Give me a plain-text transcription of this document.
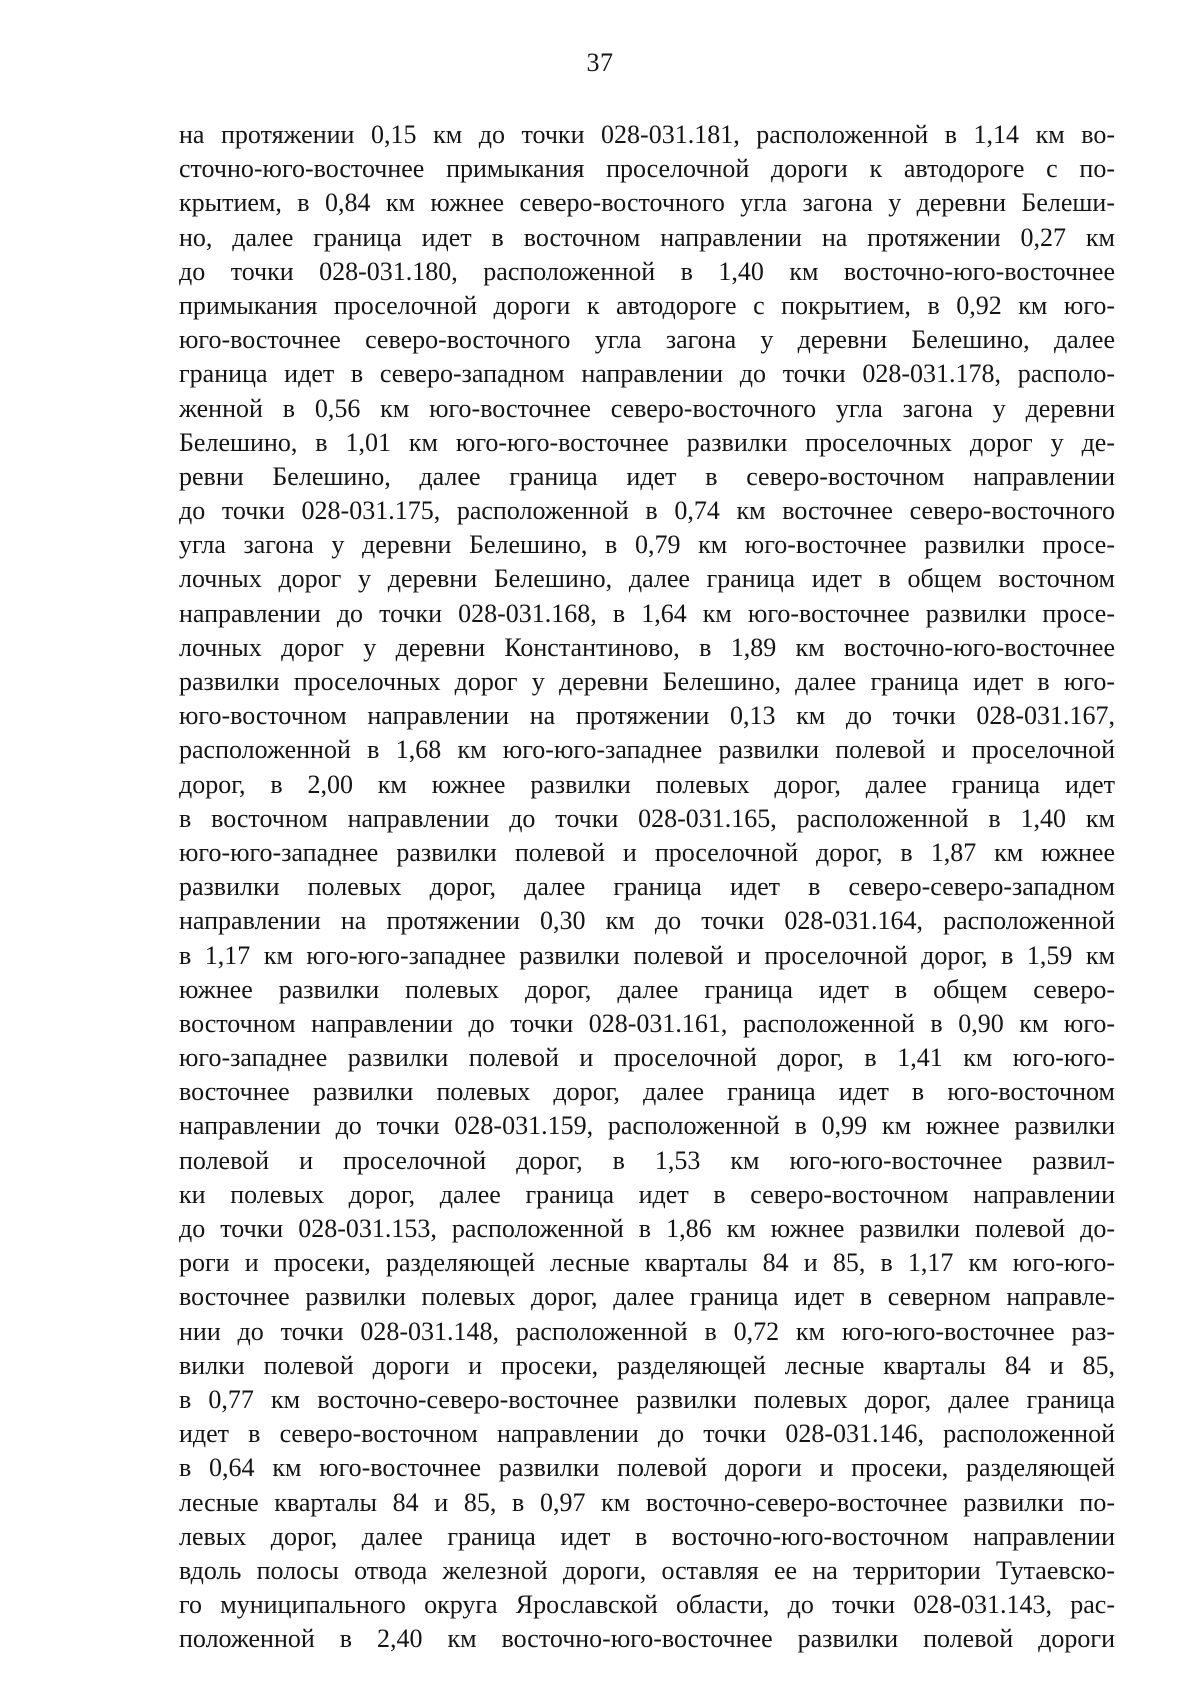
37
на протяжении 0,15 км до точки 028-031.181, расположенной в 1,14 км во-
сточно-юго-восточнее примыкания проселочной дороги к автодороге с по-
крытием, в 0,84 км южнее северо-восточного угла загона у деревни Белеши-
но, далее граница идет в восточном направлении на протяжении 0,27 км
до точки 028-031.180, расположенной в 1,40 км восточно-юго-восточнее
примыкания проселочной дороги к автодороге с покрытием, в 0,92 км юго-
юго-восточнее северо-восточного угла загона у деревни Белешино, далее
граница идет в северо-западном направлении до точки 028-031.178, располо-
женной в 0,56 км юго-восточнее северо-восточного угла загона у деревни
Белешино, в 1,01 км юго-юго-восточнее развилки проселочных дорог у де-
ревни Белешино, далее граница идет в северо-восточном направлении
до точки 028-031.175, расположенной в 0,74 км восточнее северо-восточного
угла загона у деревни Белешино, в 0,79 км юго-восточнее развилки просе-
лочных дорог у деревни Белешино, далее граница идет в общем восточном
направлении до точки 028-031.168, в 1,64 км юго-восточнее развилки просе-
лочных дорог у деревни Константиново, в 1,89 км восточно-юго-восточнее
развилки проселочных дорог у деревни Белешино, далее граница идет в юго-
юго-восточном направлении на протяжении 0,13 км до точки 028-031.167,
расположенной в 1,68 км юго-юго-западнее развилки полевой и проселочной
дорог, в 2,00 км южнее развилки полевых дорог, далее граница идет
в восточном направлении до точки 028-031.165, расположенной в 1,40 км
юго-юго-западнее развилки полевой и проселочной дорог, в 1,87 км южнее
развилки полевых дорог, далее граница идет в северо-северо-западном
направлении на протяжении 0,30 км до точки 028-031.164, расположенной
в 1,17 км юго-юго-западнее развилки полевой и проселочной дорог, в 1,59 км
южнее развилки полевых дорог, далее граница идет в общем северо-
восточном направлении до точки 028-031.161, расположенной в 0,90 км юго-
юго-западнее развилки полевой и проселочной дорог, в 1,41 км юго-юго-
восточнее развилки полевых дорог, далее граница идет в юго-восточном
направлении до точки 028-031.159, расположенной в 0,99 км южнее развилки
полевой и проселочной дорог, в 1,53 км юго-юго-восточнее развил-
ки полевых дорог, далее граница идет в северо-восточном направлении
до точки 028-031.153, расположенной в 1,86 км южнее развилки полевой до-
роги и просеки, разделяющей лесные кварталы 84 и 85, в 1,17 км юго-юго-
восточнее развилки полевых дорог, далее граница идет в северном направле-
нии до точки 028-031.148, расположенной в 0,72 км юго-юго-восточнее раз-
вилки полевой дороги и просеки, разделяющей лесные кварталы 84 и 85,
в 0,77 км восточно-северо-восточнее развилки полевых дорог, далее граница
идет в северо-восточном направлении до точки 028-031.146, расположенной
в 0,64 км юго-восточнее развилки полевой дороги и просеки, разделяющей
лесные кварталы 84 и 85, в 0,97 км восточно-северо-восточнее развилки по-
левых дорог, далее граница идет в восточно-юго-восточном направлении
вдоль полосы отвода железной дороги, оставляя ее на территории Тутаевско-
го муниципального округа Ярославской области, до точки 028-031.143, рас-
положенной в 2,40 км восточно-юго-восточнее развилки полевой дороги
